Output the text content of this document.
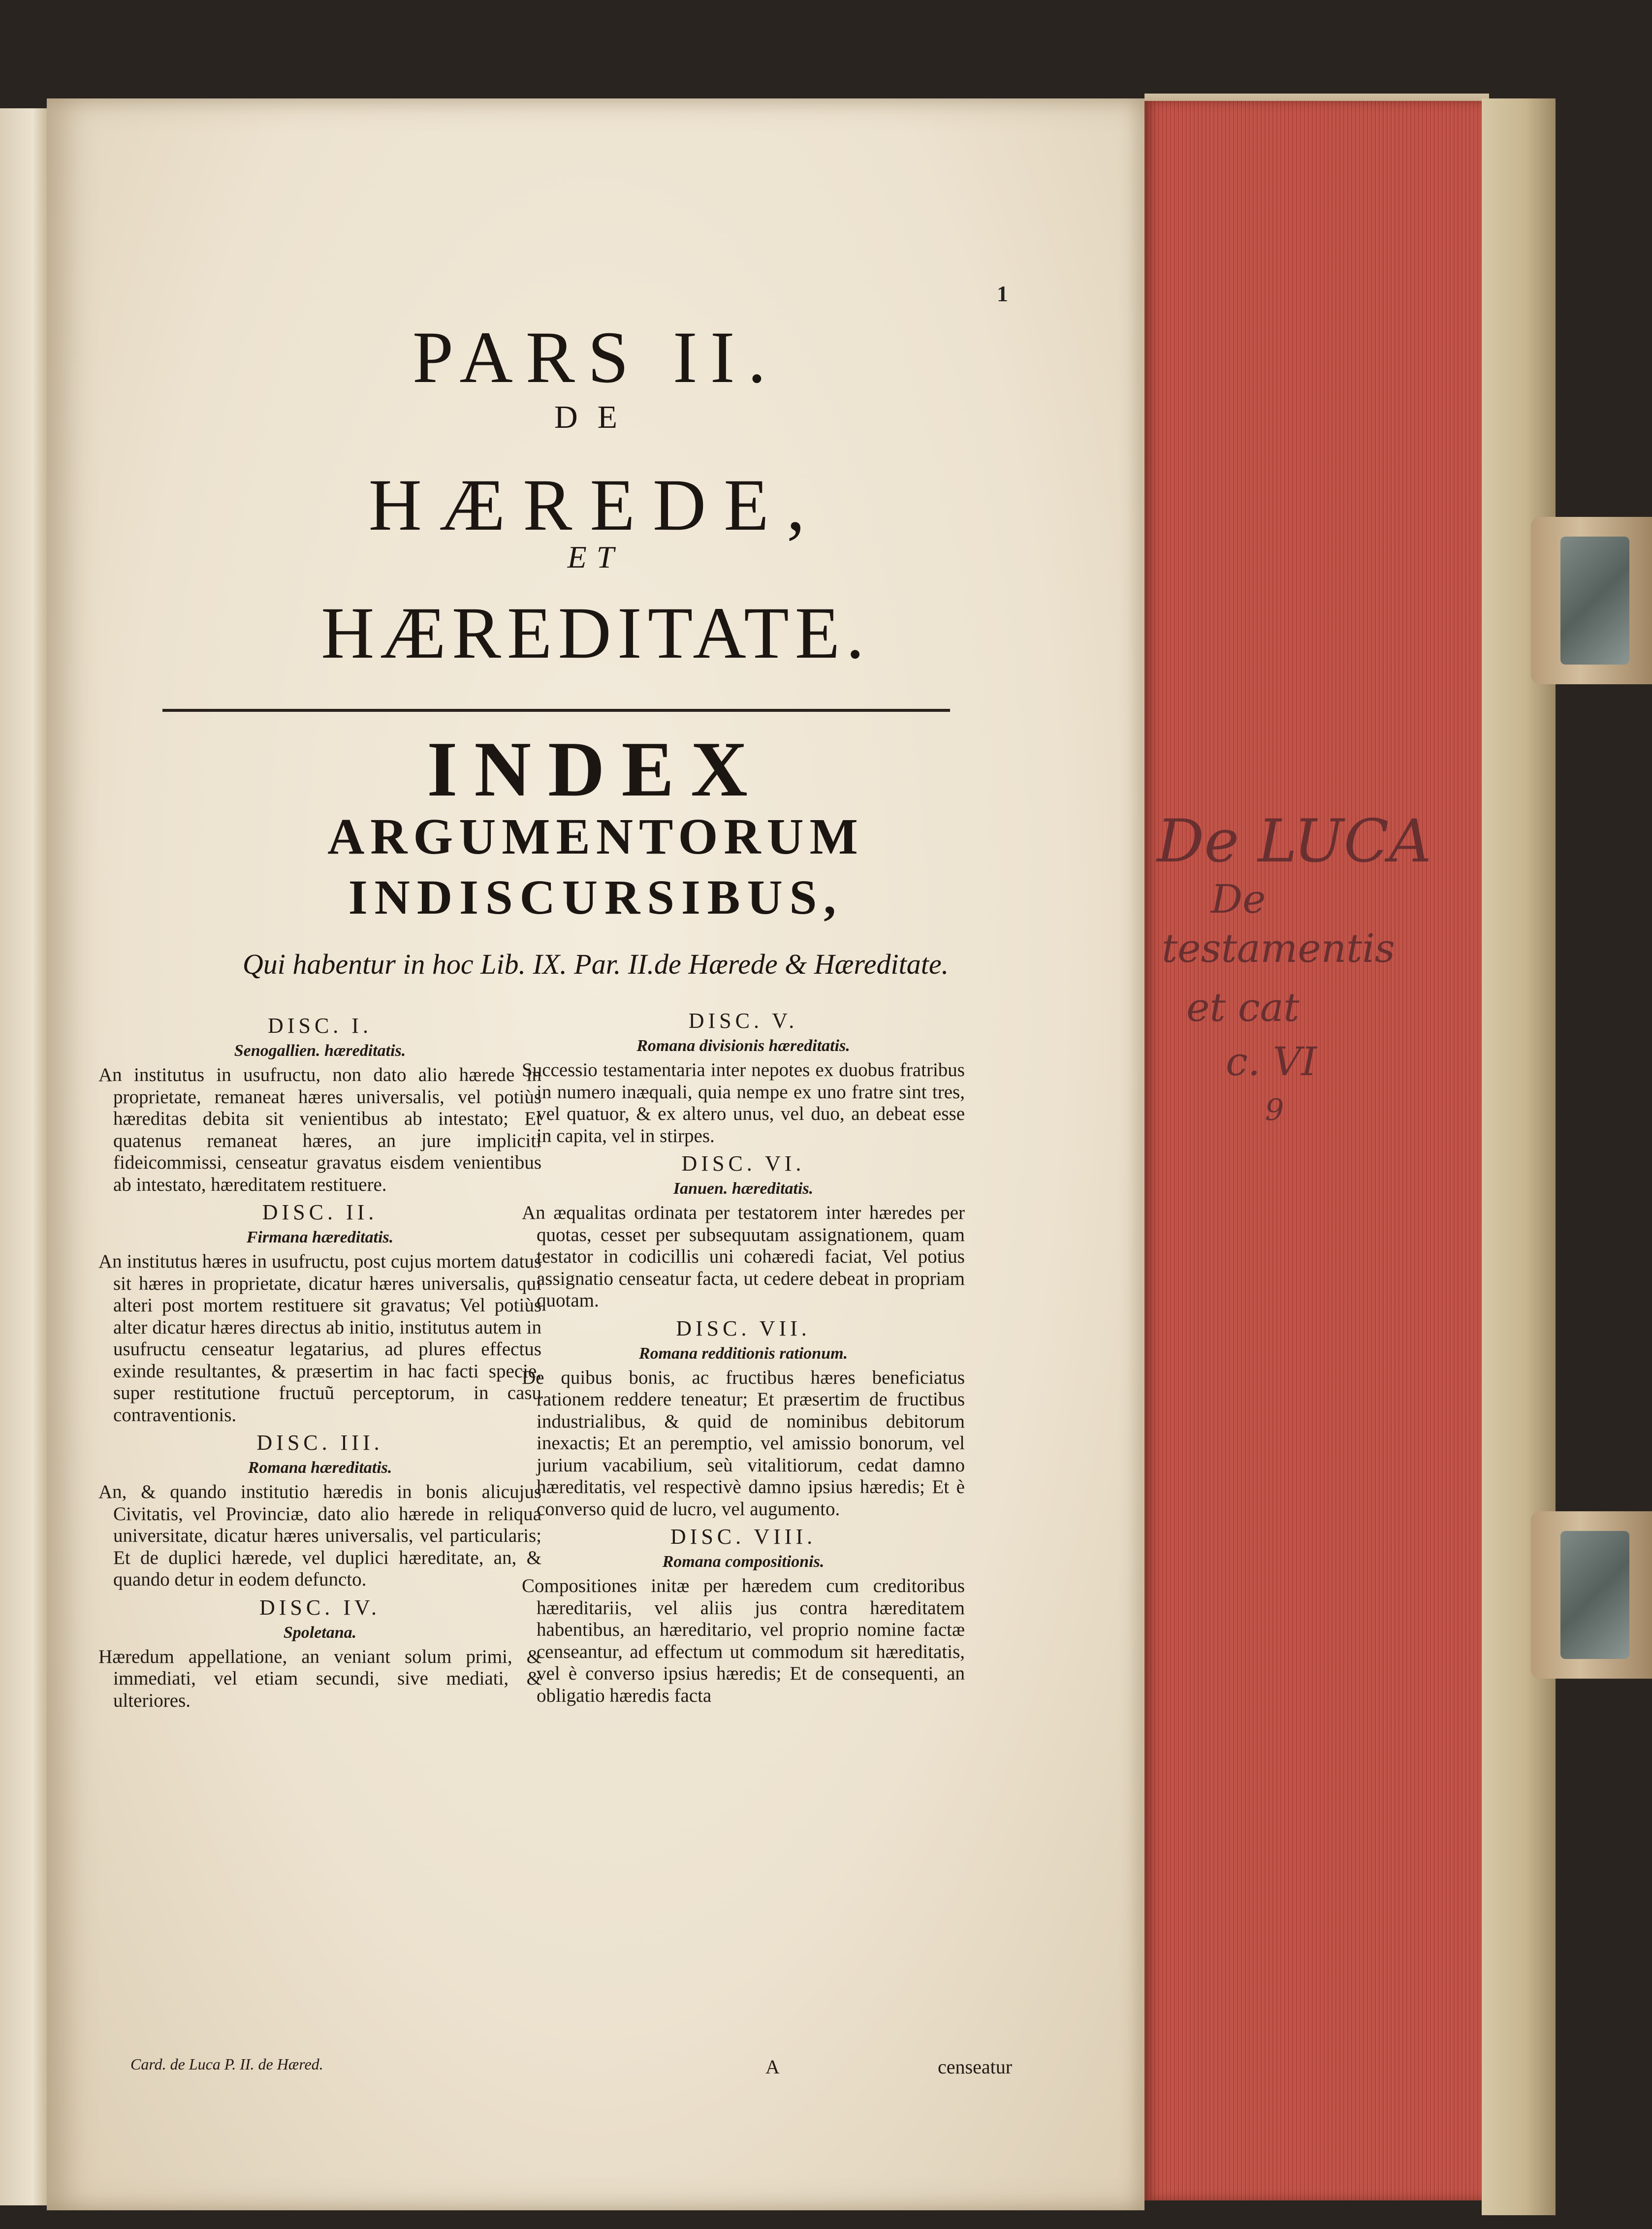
De LUCA
De
testamentis
et cat
c. VI
9
1
PARS II.
DE
HÆREDE,
ET
HÆREDITATE.
INDEX
ARGUMENTORUM
INDISCURSIBUS,
Qui habentur in hoc Lib. IX. Par. II.de Hærede & Hæreditate.
DISC. I.
Senogallien. hæreditatis.
An institutus in usufructu, non dato alio hærede in proprietate, remaneat hæres universalis, vel potiùs hæreditas debita sit venientibus ab intestato; Et quatenus remaneat hæres, an jure impliciti fideicommissi, censeatur gravatus eisdem venientibus ab intestato, hæreditatem restituere.
DISC. II.
Firmana hæreditatis.
An institutus hæres in usufructu, post cujus mortem datus sit hæres in proprietate, dicatur hæres universalis, qui alteri post mortem restituere sit gravatus; Vel potiùs alter dicatur hæres directus ab initio, institutus autem in usufructu censeatur legatarius, ad plures effectus exinde resultantes, & præsertim in hac facti specie, super restitutione fructuũ perceptorum, in casu contraventionis.
DISC. III.
Romana hæreditatis.
An, & quando institutio hæredis in bonis alicujus Civitatis, vel Provinciæ, dato alio hærede in reliqua universitate, dicatur hæres universalis, vel particularis; Et de duplici hærede, vel duplici hæreditate, an, & quando detur in eodem defuncto.
DISC. IV.
Spoletana.
Hæredum appellatione, an veniant solum primi, & immediati, vel etiam secundi, sive mediati, & ulteriores.
DISC. V.
Romana divisionis hæreditatis.
Successio testamentaria inter nepotes ex duobus fratribus in numero inæquali, quia nempe ex uno fratre sint tres, vel quatuor, & ex altero unus, vel duo, an debeat esse in capita, vel in stirpes.
DISC. VI.
Ianuen. hæreditatis.
An æqualitas ordinata per testatorem inter hæredes per quotas, cesset per subsequutam assignationem, quam testator in codicillis uni cohæredi faciat, Vel potius assignatio censeatur facta, ut cedere debeat in propriam quotam.
DISC. VII.
Romana redditionis rationum.
De quibus bonis, ac fructibus hæres beneficiatus rationem reddere teneatur; Et præsertim de fructibus industrialibus, & quid de nominibus debitorum inexactis; Et an peremptio, vel amissio bonorum, vel jurium vacabilium, seù vitalitiorum, cedat damno hæreditatis, vel respectivè damno ipsius hæredis; Et è converso quid de lucro, vel augumento.
DISC. VIII.
Romana compositionis.
Compositiones initæ per hæredem cum creditoribus hæreditariis, vel aliis jus contra hæreditatem habentibus, an hæreditario, vel proprio nomine factæ censeantur, ad effectum ut commodum sit hæreditatis, vel è converso ipsius hæredis; Et de consequenti, an obligatio hæredis facta
Card. de Luca P. II. de Hæred.	A	censeatur
